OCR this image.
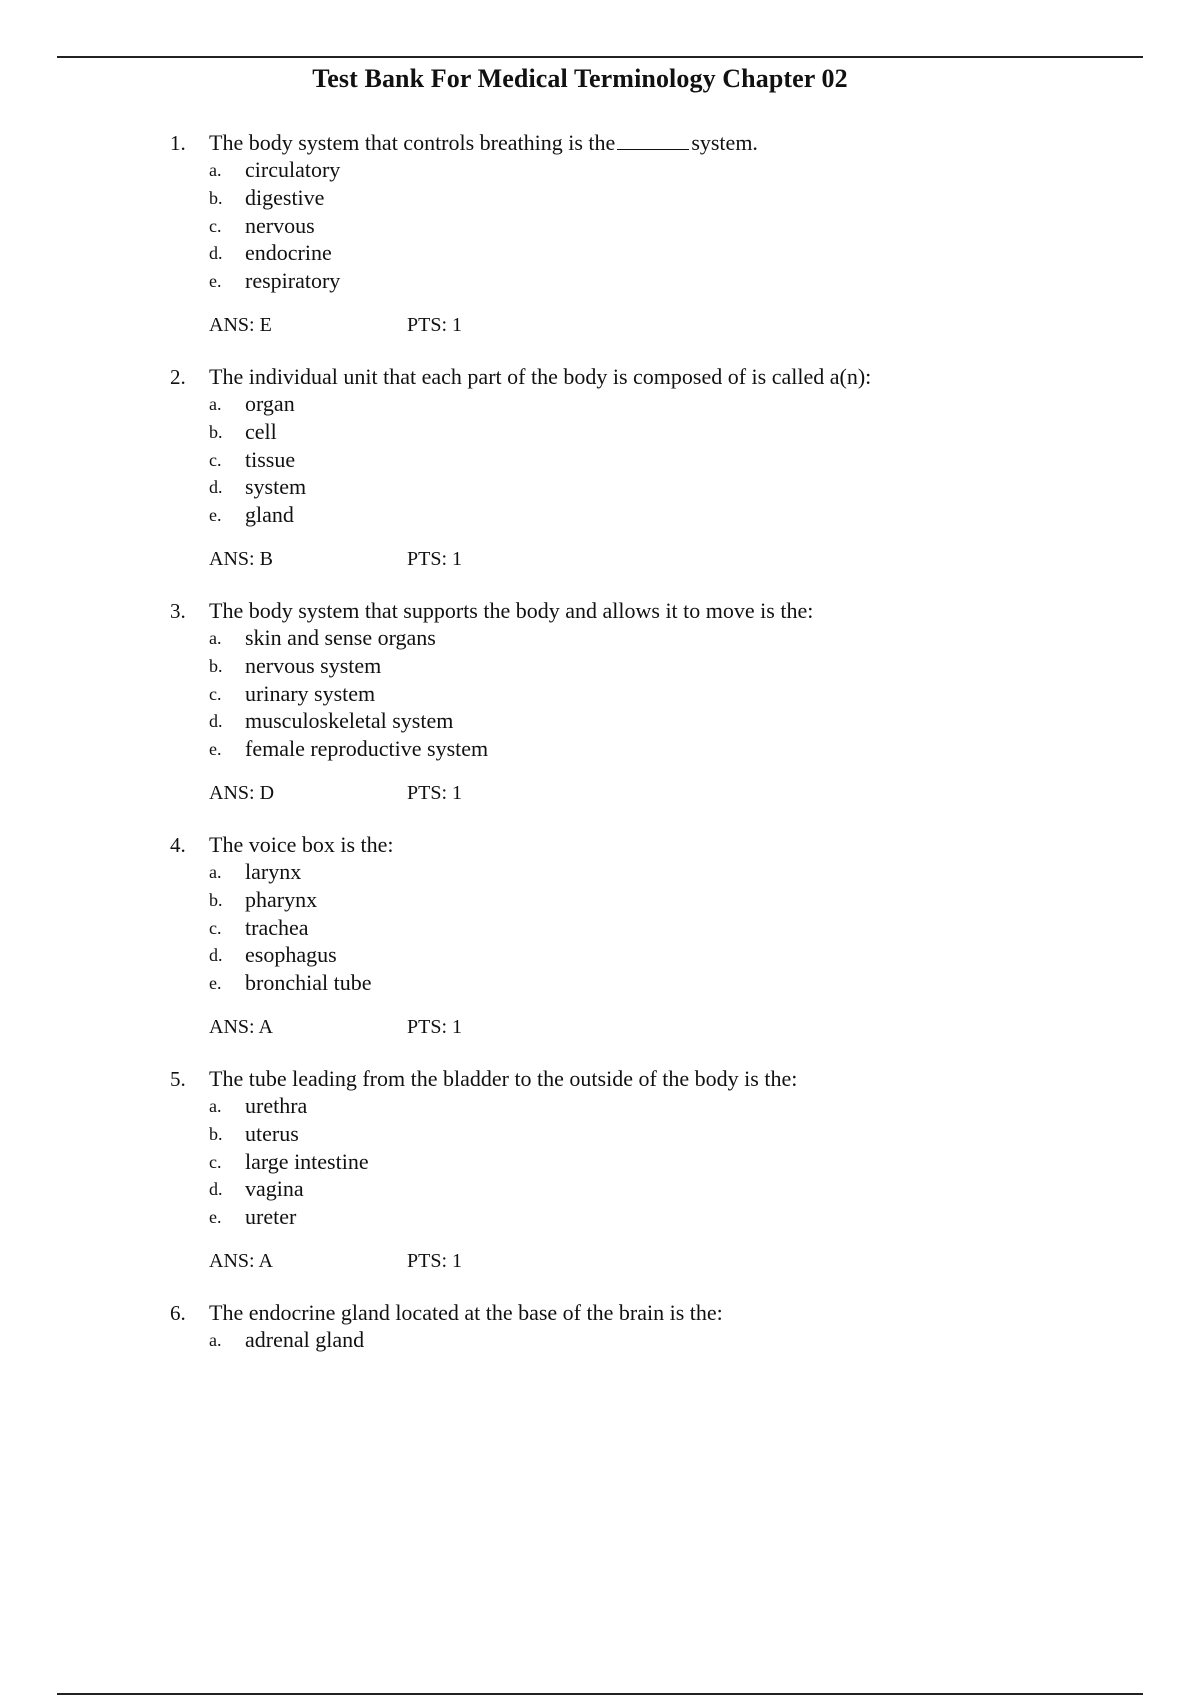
Test Bank For Medical Terminology Chapter 02
1. The body system that controls breathing is the	system.
a.	circulatory
b.	digestive
c.	nervous
d.	endocrine
e.	respiratory
ANS: E	PTS: 1
2. The individual unit that each part of the body is composed of is called a(n):
a.	organ
b.	cell
c.	tissue
d.	system
e.	gland
ANS: B	PTS: 1
3. The body system that supports the body and allows it to move is the:
a.	skin and sense organs
b.	nervous system
c.	urinary system
d.	musculoskeletal system
e.	female reproductive system
ANS: D	PTS: 1
4. The voice box is the:
a.	larynx
b.	pharynx
c.	trachea
d.	esophagus
e.	bronchial tube
ANS: A	PTS: 1
5. The tube leading from the bladder to the outside of the body is the:
a.	urethra
b.	uterus
c.	large intestine
d.	vagina
e.	ureter
ANS: A	PTS: 1
6. The endocrine gland located at the base of the brain is the:
a.	adrenal gland
